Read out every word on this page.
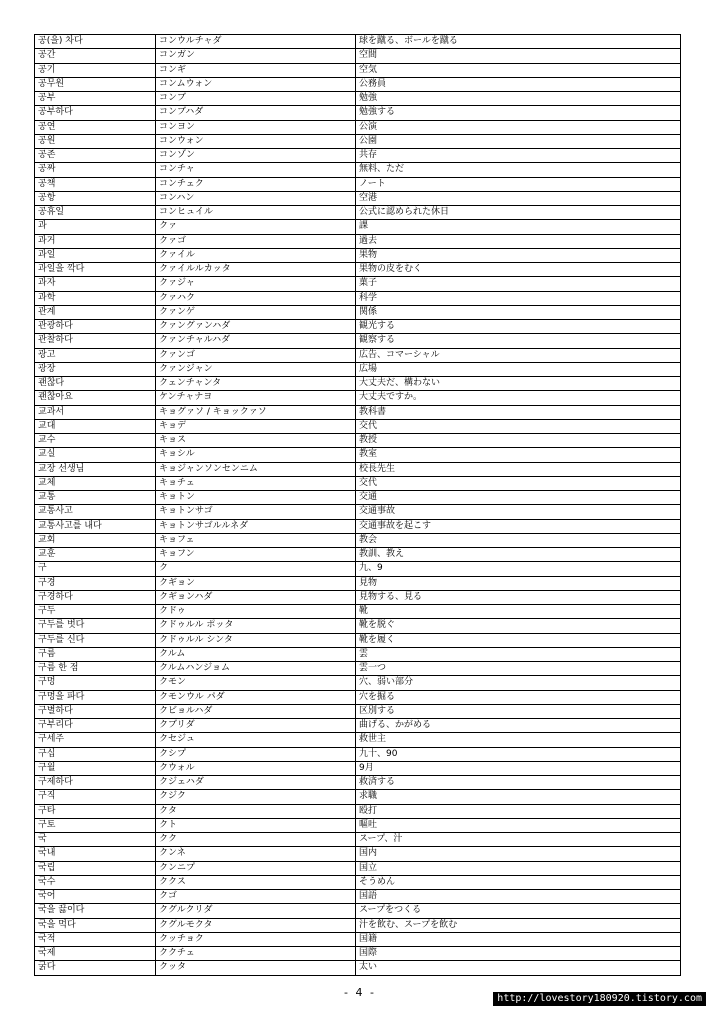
공(을) 차다	コンウルチャダ	球を蹴る、ボールを蹴る
공간	コンガン	空間
공기	コンギ	空気
공무원	コンムウォン	公務員
공부	コンブ	勉強
공부하다	コンブハダ	勉強する
공연	コンヨン	公演
공원	コンウォン	公園
공존	コンゾン	共存
공짜	コンチャ	無料、ただ
공책	コンチェク	ノート
공항	コンハン	空港
공휴일	コンヒュイル	公式に認められた休日
과	クァ	課
과거	クァゴ	過去
과일	クァイル	果物
과일을 깍다	クァイルルカッタ	果物の皮をむく
과자	クァジャ	菓子
과학	クァハク	科学
관계	クァンゲ	関係
관광하다	クァングァンハダ	観光する
관찰하다	クァンチャルハダ	観察する
광고	クァンゴ	広告、コマーシャル
광장	クァンジャン	広場
괜찮다	クェンチャンタ	大丈夫だ、構わない
괜찮아요	ケンチャナヨ	大丈夫ですか。
교과서	キョグァソ / キョックァソ	教科書
교대	キョデ	交代
교수	キョス	教授
교실	キョシル	教室
교장 선생님	キョジャンソンセンニム	校長先生
교체	キョチェ	交代
교통	キョトン	交通
교통사고	キョトンサゴ	交通事故
교통사고를 내다	キョトンサゴルルネダ	交通事故を起こす
교회	キョフェ	教会
교훈	キョフン	教訓、教え
구	ク	九、9
구경	クギョン	見物
구경하다	クギョンハダ	見物する、見る
구두	クドゥ	靴
구두를 벗다	クドゥルル ポッタ	靴を脱ぐ
구두를 신다	クドゥルル シンタ	靴を履く
구름	クルム	雲
구름 한 점	クルムハンジョム	雲一つ
구멍	クモン	穴、弱い部分
구멍을 파다	クモンウル パダ	穴を掘る
구별하다	クビョルハダ	区別する
구부리다	クブリダ	曲げる、かがめる
구세주	クセジュ	救世主
구십	クシプ	九十、90
구월	クウォル	9月
구제하다	クジェハダ	救済する
구직	クジク	求職
구타	クタ	殴打
구토	クト	嘔吐
국	クク	スープ、汁
국내	クンネ	国内
국립	クンニプ	国立
국수	ククス	そうめん
국어	クゴ	国語
국을 끓이다	クグルクリダ	スープをつくる
국을 먹다	クグルモクタ	汁を飲む、スープを飲む
국적	クッチョク	国籍
국제	ククチェ	国際
굵다	クッタ	太い
- 4 -	http://lovestory180920.tistory.com
